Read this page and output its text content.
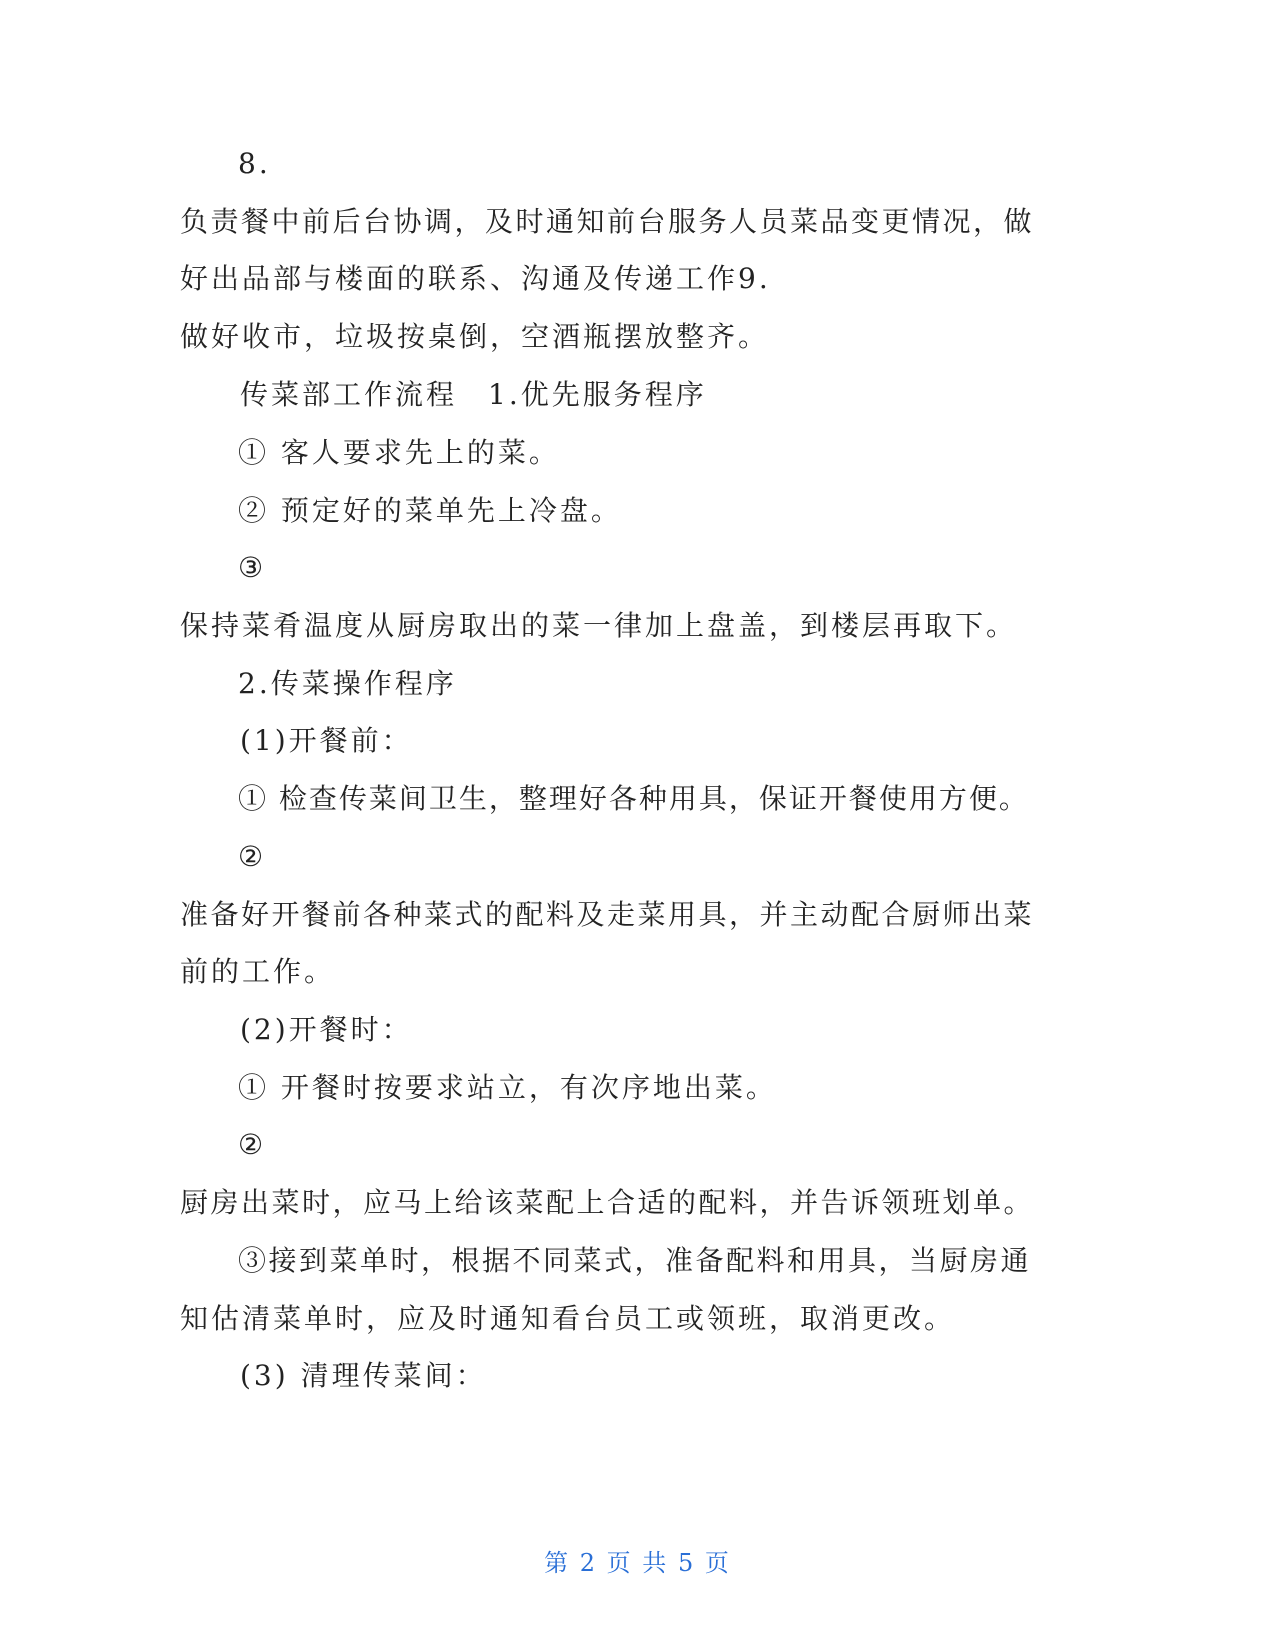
8.
负责餐中前后台协调，及时通知前台服务人员菜品变更情况，做
好出品部与楼面的联系、沟通及传递工作9.
做好收市，垃圾按桌倒，空酒瓶摆放整齐。
传菜部工作流程　1.优先服务程序
① 客人要求先上的菜。
② 预定好的菜单先上冷盘。
③
保持菜肴温度从厨房取出的菜一律加上盘盖，到楼层再取下。
2.传菜操作程序
(1)开餐前：
① 检查传菜间卫生，整理好各种用具，保证开餐使用方便。
②
准备好开餐前各种菜式的配料及走菜用具，并主动配合厨师出菜
前的工作。
(2)开餐时：
① 开餐时按要求站立，有次序地出菜。
②
厨房出菜时，应马上给该菜配上合适的配料，并告诉领班划单。
③接到菜单时，根据不同菜式，准备配料和用具，当厨房通
知估清菜单时，应及时通知看台员工或领班，取消更改。
(3) 清理传菜间：
第 2 页 共 5 页
